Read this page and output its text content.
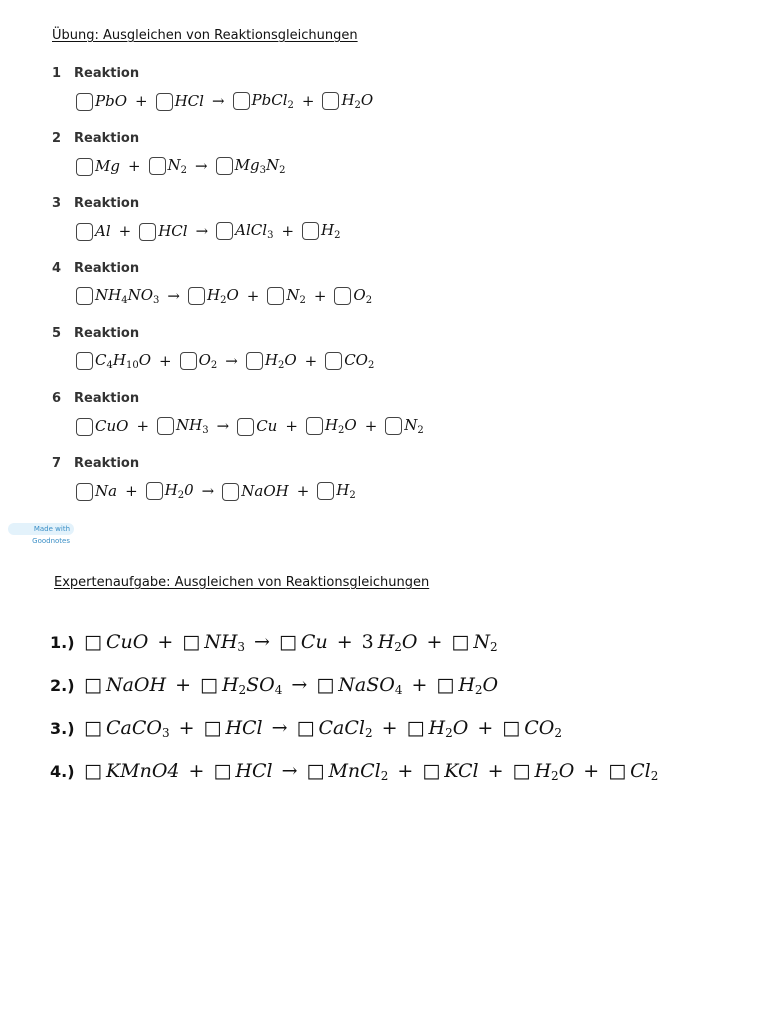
Übung: Ausgleichen von Reaktionsgleichungen
1 Reaktion
PbO +	HCl →	PbCl$_2$ +	$H_2O$
2 Reaktion
Mg +	$N_2$ →	$Mg_3N_2$
3 Reaktion
Al +	HCl →	AlCl$_3$ +	$H_2$
4 Reaktion
$NH_4NO_3$ →	$H_2O$ +	$N_2$ +	$O_2$
5 Reaktion
$C_4H_{10}O$ +	$O_2$ →	$H_2O$ +	$CO_2$
6 Reaktion
CuO +	$NH_3$ →	Cu +	$H_2O$ +	$N_2$
7 Reaktion
Na +	$H_20$ →	NaOH +	$H_2$
Made with Goodnotes
Expertenaufgabe: Ausgleichen von Reaktionsgleichungen
1.) □ CuO + □ $NH_3$ → □ Cu + 3 $H_2O$ + □ $N_2$
2.) □ NaOH + □ $H_2SO_4$ → □ NaSO$_4$ + □ $H_2O$
3.) □ CaCO$_3$ + □ HCl → □ CaCl$_2$ + □ $H_2O$ + □ $CO_2$
4.) □ KMnO4 + □ HCl → □ MnCl$_2$ + □ KCl + □ $H_2O$ + □ $Cl_2$
